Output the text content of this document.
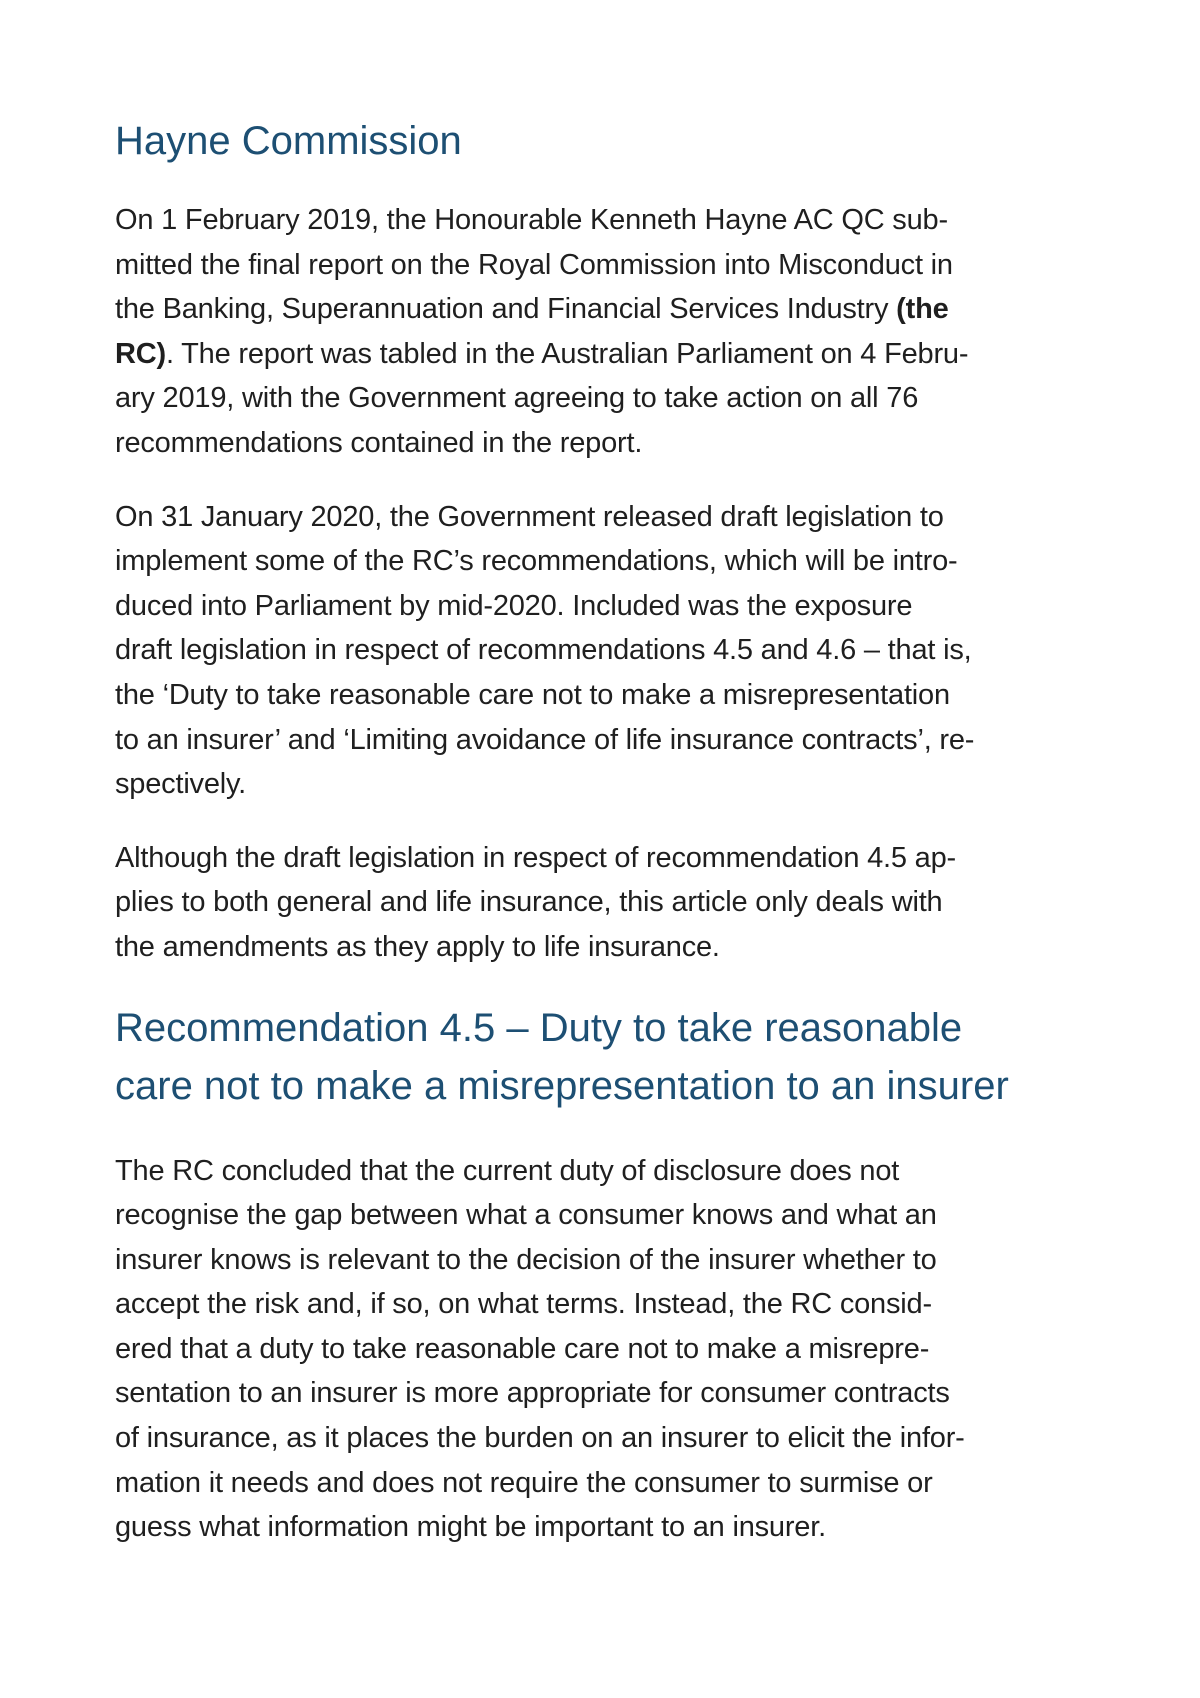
Hayne Commission

On 1 February 2019, the Honourable Kenneth Hayne AC QC sub-
mitted the final report on the Royal Commission into Misconduct in
the Banking, Superannuation and Financial Services Industry (the
RC). The report was tabled in the Australian Parliament on 4 Febru-
ary 2019, with the Government agreeing to take action on all 76
recommendations contained in the report.

On 31 January 2020, the Government released draft legislation to
implement some of the RC’s recommendations, which will be intro-
duced into Parliament by mid-2020. Included was the exposure
draft legislation in respect of recommendations 4.5 and 4.6 – that is,
the ‘Duty to take reasonable care not to make a misrepresentation
to an insurer’ and ‘Limiting avoidance of life insurance contracts’, re-
spectively.

Although the draft legislation in respect of recommendation 4.5 ap-
plies to both general and life insurance, this article only deals with
the amendments as they apply to life insurance.

Recommendation 4.5 – Duty to take reasonable
care not to make a misrepresentation to an insurer

The RC concluded that the current duty of disclosure does not
recognise the gap between what a consumer knows and what an
insurer knows is relevant to the decision of the insurer whether to
accept the risk and, if so, on what terms. Instead, the RC consid-
ered that a duty to take reasonable care not to make a misrepre-
sentation to an insurer is more appropriate for consumer contracts
of insurance, as it places the burden on an insurer to elicit the infor-
mation it needs and does not require the consumer to surmise or
guess what information might be important to an insurer.
